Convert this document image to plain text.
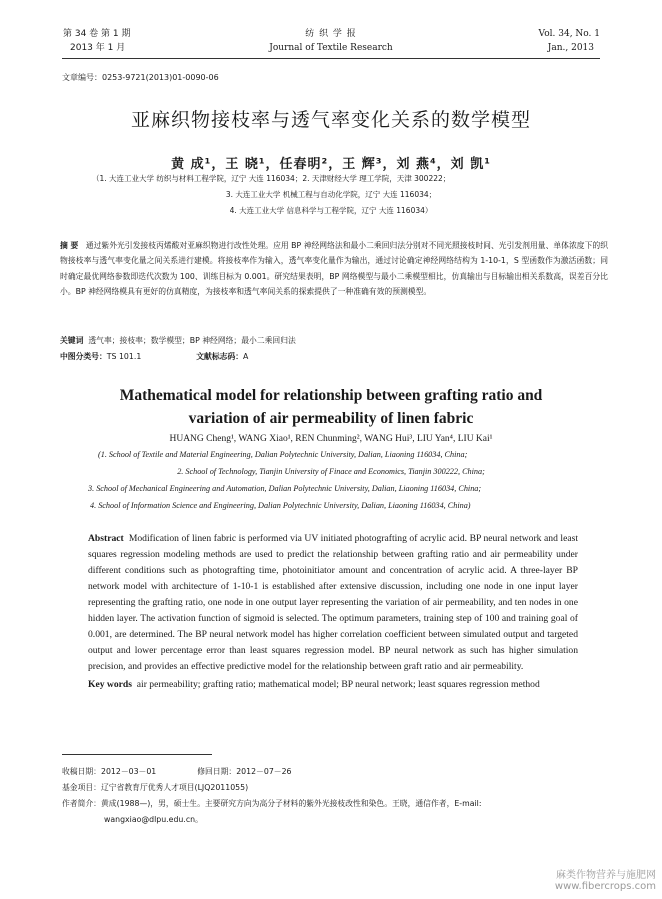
第 34 卷 第 1 期
2013 年 1 月
纺 织 学 报
Journal of Textile Research
Vol. 34, No. 1
Jan., 2013
文章编号：0253-9721(2013)01-0090-06
亚麻织物接枝率与透气率变化关系的数学模型
黄 成¹，王 晓¹，任春明²，王 辉³，刘 燕⁴，刘 凯¹
（1. 大连工业大学 纺织与材料工程学院，辽宁 大连 116034；2. 天津财经大学 理工学院，天津 300222；
3. 大连工业大学 机械工程与自动化学院，辽宁 大连 116034；
4. 大连工业大学 信息科学与工程学院，辽宁 大连 116034）
摘 要 通过紫外光引发接枝丙烯酸对亚麻织物进行改性处理。应用 BP 神经网络法和最小二乘回归法分别对不同光照接枝时间、光引发剂用量、单体浓度下的织物接枝率与透气率变化量之间关系进行建模。将接枝率作为输入，透气率变化量作为输出，通过讨论确定神经网络结构为 1-10-1，S 型函数作为激活函数；同时确定最优网络参数即迭代次数为 100、训练目标为 0.001。研究结果表明，BP 网络模型与最小二乘模型相比，仿真输出与目标输出相关系数高，误差百分比小。BP 神经网络模具有更好的仿真精度，为接枝率和透气率间关系的探索提供了一种准确有效的预测模型。
关键词 透气率；接枝率；数学模型；BP 神经网络；最小二乘回归法
中图分类号：TS 101.1	文献标志码：A
Mathematical model for relationship between grafting ratio and
variation of air permeability of linen fabric
HUANG Cheng¹, WANG Xiao¹, REN Chunming², WANG Hui³, LIU Yan⁴, LIU Kai¹
(1. School of Textile and Material Engineering, Dalian Polytechnic University, Dalian, Liaoning 116034, China;
2. School of Technology, Tianjin University of Finace and Economics, Tianjin 300222, China;
3. School of Mechanical Engineering and Automation, Dalian Polytechnic University, Dalian, Liaoning 116034, China;
4. School of Information Science and Engineering, Dalian Polytechnic University, Dalian, Liaoning 116034, China)
Abstract Modification of linen fabric is performed via UV initiated photografting of acrylic acid. BP neural network and least squares regression modeling methods are used to predict the relationship between grafting ratio and air permeability under different conditions such as photografting time, photoinitiator amount and concentration of acrylic acid. A three-layer BP network model with architecture of 1-10-1 is established after extensive discussion, including one node in one input layer representing the grafting ratio, one node in one output layer representing the variation of air permeability, and ten nodes in one hidden layer. The activation function of sigmoid is selected. The optimum parameters, training step of 100 and training goal of 0.001, are determined. The BP neural network model has higher correlation coefficient between simulated output and targeted output and lower percentage error than least squares regression model. BP neural network as such has higher simulation precision, and provides an effective predictive model for the relationship between graft ratio and air permeability.
Key words air permeability; grafting ratio; mathematical model; BP neural network; least squares regression method
收稿日期：2012－03－01	修回日期：2012－07－26
基金项目：辽宁省教育厅优秀人才项目(LJQ2011055)
作者简介：黄成(1988—)，男，硕士生。主要研究方向为高分子材料的紫外光接枝改性和染色。王晓，通信作者，E-mail:
wangxiao@dlpu.edu.cn。
麻类作物营养与施肥网
www.fibercrops.com
